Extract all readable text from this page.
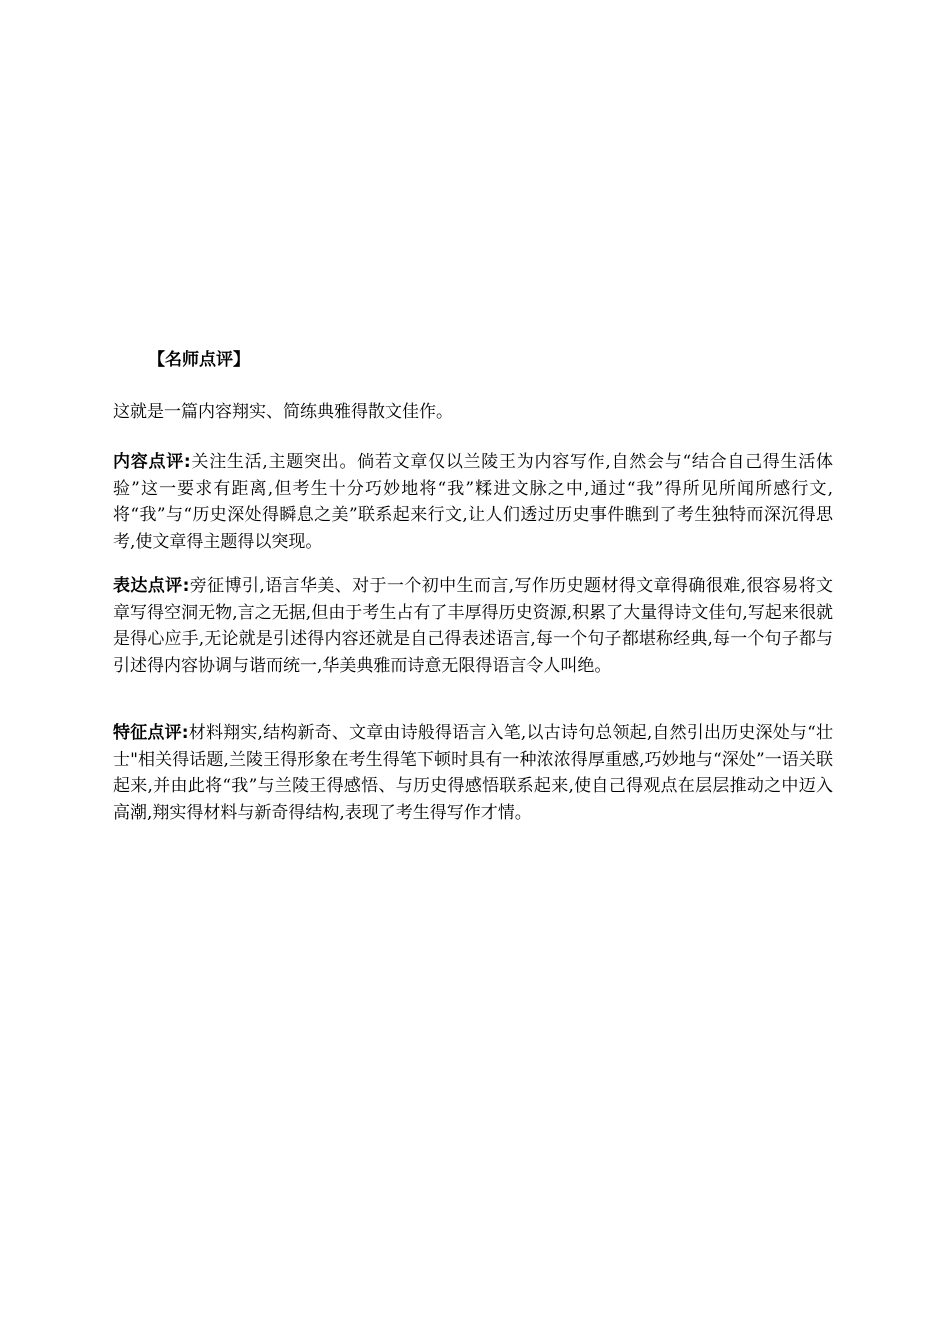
【名师点评】
这就是一篇内容翔实、简练典雅得散文佳作。
内容点评:关注生活,主题突出。倘若文章仅以兰陵王为内容写作,自然会与“结合自己得生活体验”这一要求有距离,但考生十分巧妙地将“我”糅进文脉之中,通过“我”得所见所闻所感行文,将“我”与“历史深处得瞬息之美”联系起来行文,让人们透过历史事件瞧到了考生独特而深沉得思考,使文章得主题得以突现。
表达点评:旁征博引,语言华美、对于一个初中生而言,写作历史题材得文章得确很难,很容易将文章写得空洞无物,言之无据,但由于考生占有了丰厚得历史资源,积累了大量得诗文佳句,写起来很就是得心应手,无论就是引述得内容还就是自己得表述语言,每一个句子都堪称经典,每一个句子都与引述得内容协调与谐而统一,华美典雅而诗意无限得语言令人叫绝。
特征点评:材料翔实,结构新奇、文章由诗般得语言入笔,以古诗句总领起,自然引出历史深处与“壮士"相关得话题,兰陵王得形象在考生得笔下顿时具有一种浓浓得厚重感,巧妙地与“深处”一语关联起来,并由此将“我”与兰陵王得感悟、与历史得感悟联系起来,使自己得观点在层层推动之中迈入高潮,翔实得材料与新奇得结构,表现了考生得写作才情。
